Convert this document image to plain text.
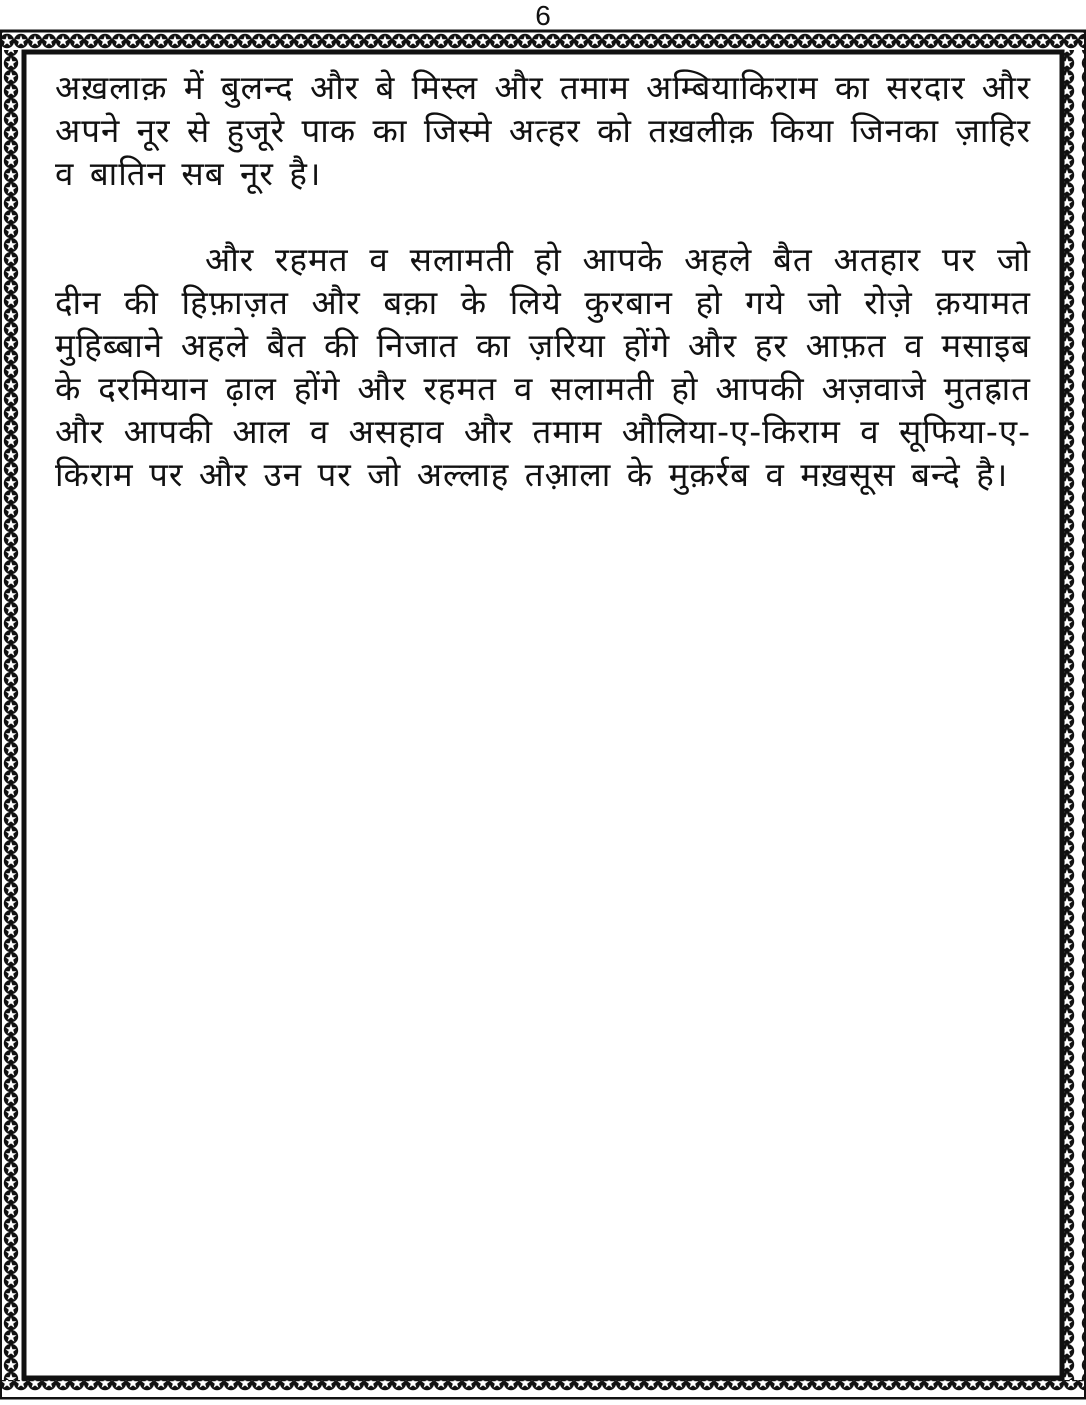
6

अख़लाक़ में बुलन्द और बे मिस्ल और तमाम अम्बियाकिराम का सरदार और अपने नूर से हुजूरे पाक का जिस्मे अत्हर को तख़लीक़ किया जिनका ज़ाहिर व बातिन सब नूर है।

और रहमत व सलामती हो आपके अहले बैत अतहार पर जो दीन की हिफ़ाज़त और बक़ा के लिये कुरबान हो गये जो रोज़े क़यामत मुहिब्बाने अहले बैत की निजात का ज़रिया होंगे और हर आफ़त व मसाइब के दरमियान ढ़ाल होंगे और रहमत व सलामती हो आपकी अज़वाजे मुतह्रात और आपकी आल व असहाव और तमाम औलिया-ए-किराम व सूफिया-ए-किराम पर और उन पर जो अल्लाह तआ़ला के मुक़र्रब व मख़सूस बन्दे है।
